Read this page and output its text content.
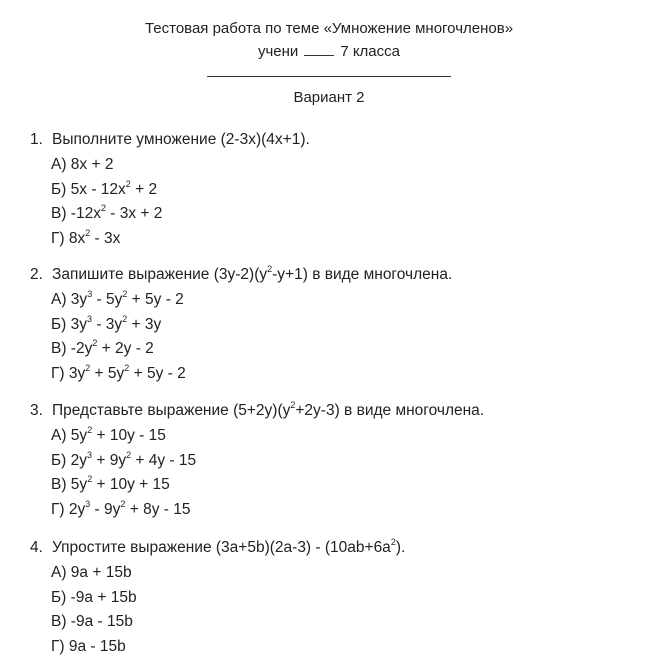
Тестовая работа по теме «Умножение многочленов»
учени	7 класса
Вариант 2
1. Выполните умножение (2-3x)(4x+1).
А) 8x + 2
Б) $5x - 12x^2 + 2$
В) $-12x^2 - 3x + 2$
Г) $8x^2 - 3x$
2. Запишите выражение $(3y-2)(y^2-y+1)$ в виде многочлена.
А) $3y^3 - 5y^2 + 5y - 2$
Б) $3y^3 - 3y^2 + 3y$
В) $-2y^2 + 2y - 2$
Г) $3y^2 + 5y^2 + 5y - 2$
3. Представьте выражение $(5+2y)(y^2+2y-3)$ в виде многочлена.
А) $5y^2 + 10y - 15$
Б) $2y^3 + 9y^2 + 4y - 15$
В) $5y^2 + 10y + 15$
Г) $2y^3 - 9y^2 + 8y - 15$
4. Упростите выражение $(3a+5b)(2a-3) - (10ab+6a^2)$.
А) 9a + 15b
Б) -9a + 15b
В) -9a - 15b
Г) 9a - 15b
